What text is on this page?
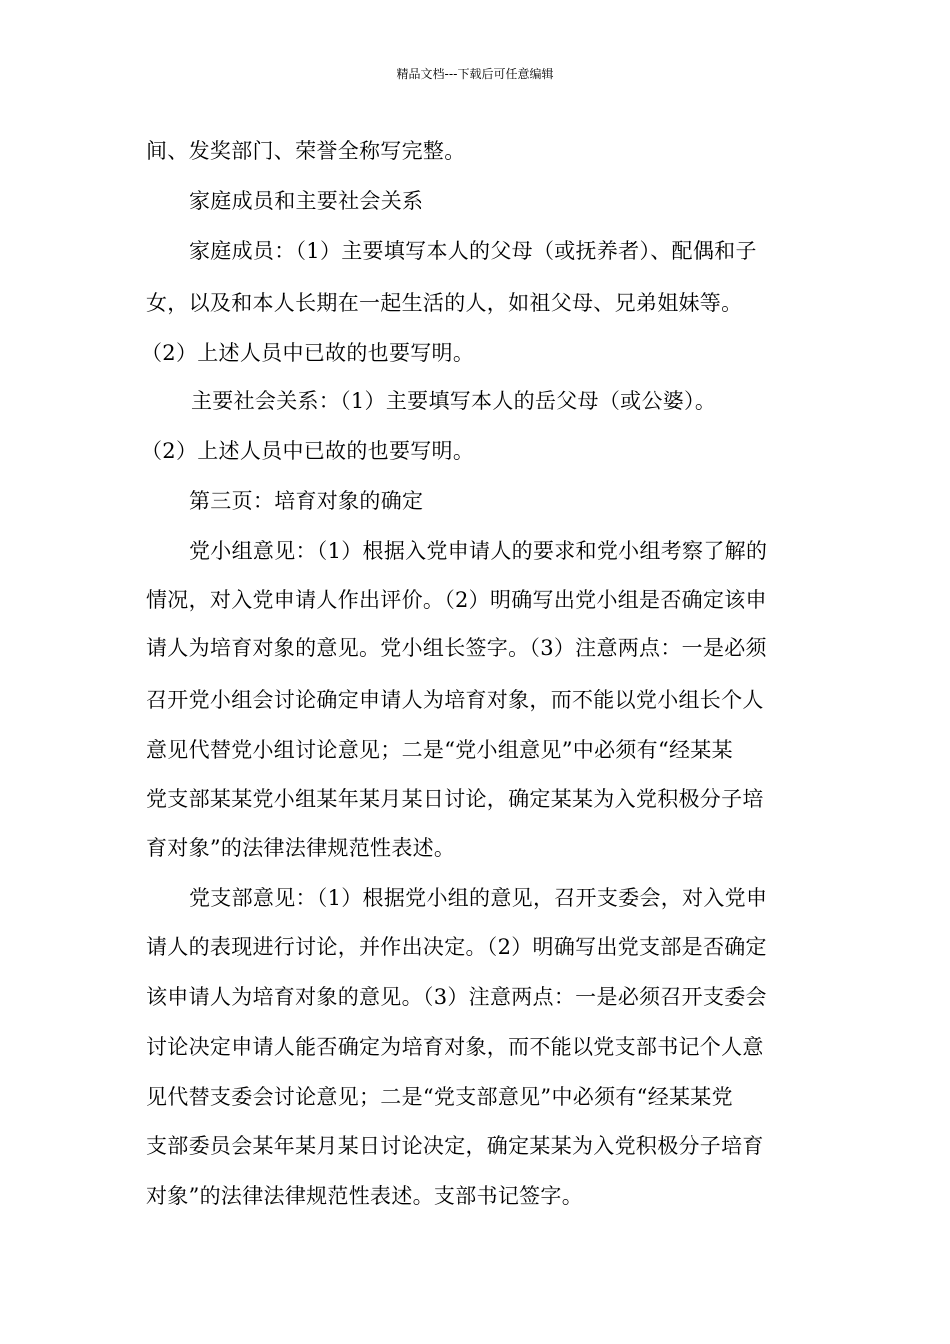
精品文档---下载后可任意编辑
间、发奖部门、荣誉全称写完整。
家庭成员和主要社会关系
家庭成员：（1）主要填写本人的父母（或抚养者）、配偶和子
女，以及和本人长期在一起生活的人，如祖父母、兄弟姐妹等。
（2）上述人员中已故的也要写明。
主要社会关系：（1）主要填写本人的岳父母（或公婆）。
（2）上述人员中已故的也要写明。
第三页：培育对象的确定
党小组意见：（1）根据入党申请人的要求和党小组考察了解的
情况，对入党申请人作出评价。（2）明确写出党小组是否确定该申
请人为培育对象的意见。党小组长签字。（3）注意两点：一是必须
召开党小组会讨论确定申请人为培育对象，而不能以党小组长个人
意见代替党小组讨论意见；二是“党小组意见”中必须有“经某某
党支部某某党小组某年某月某日讨论，确定某某为入党积极分子培
育对象”的法律法律规范性表述。
党支部意见：（1）根据党小组的意见，召开支委会，对入党申
请人的表现进行讨论，并作出决定。（2）明确写出党支部是否确定
该申请人为培育对象的意见。（3）注意两点：一是必须召开支委会
讨论决定申请人能否确定为培育对象，而不能以党支部书记个人意
见代替支委会讨论意见；二是“党支部意见”中必须有“经某某党
支部委员会某年某月某日讨论决定，确定某某为入党积极分子培育
对象”的法律法律规范性表述。支部书记签字。
